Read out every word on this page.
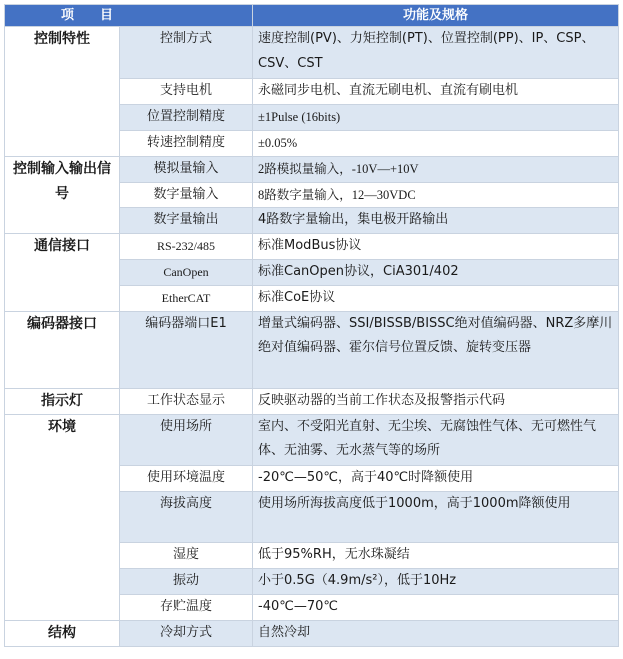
项　　目		功能及规格
控制特性	控制方式	速度控制(PV)、力矩控制(PT)、位置控制(PP)、IP、CSP、CSV、CST
	支持电机	永磁同步电机、直流无刷电机、直流有刷电机
	位置控制精度	±1Pulse (16bits)
	转速控制精度	±0.05%

控制输入输出信号	模拟量输入	2路模拟量输入，-10V—+10V
	数字量输入	8路数字量输入，12—30VDC
	数字量输出	4路数字量输出，集电极开路输出
通信接口	RS-232/485	标准ModBus协议
	CanOpen	标准CanOpen协议，CiA301/402
	EtherCAT	标准CoE协议
编码器接口	编码器端口E1	增量式编码器、SSI/BISSB/BISSC绝对值编码器、NRZ多摩川绝对值编码器、霍尔信号位置反馈、旋转变压器
指示灯	工作状态显示	反映驱动器的当前工作状态及报警指示代码
环境	使用场所	室内、不受阳光直射、无尘埃、无腐蚀性气体、无可燃性气体、无油雾、无水蒸气等的场所
	使用环境温度	-20℃—50℃，高于40℃时降额使用
	海拔高度	使用场所海拔高度低于1000m，高于1000m降额使用
	湿度	低于95%RH，无水珠凝结
	振动	小于0.5G（4.9m/s²），低于10Hz
	存贮温度	-40℃—70℃
结构	冷却方式	自然冷却
